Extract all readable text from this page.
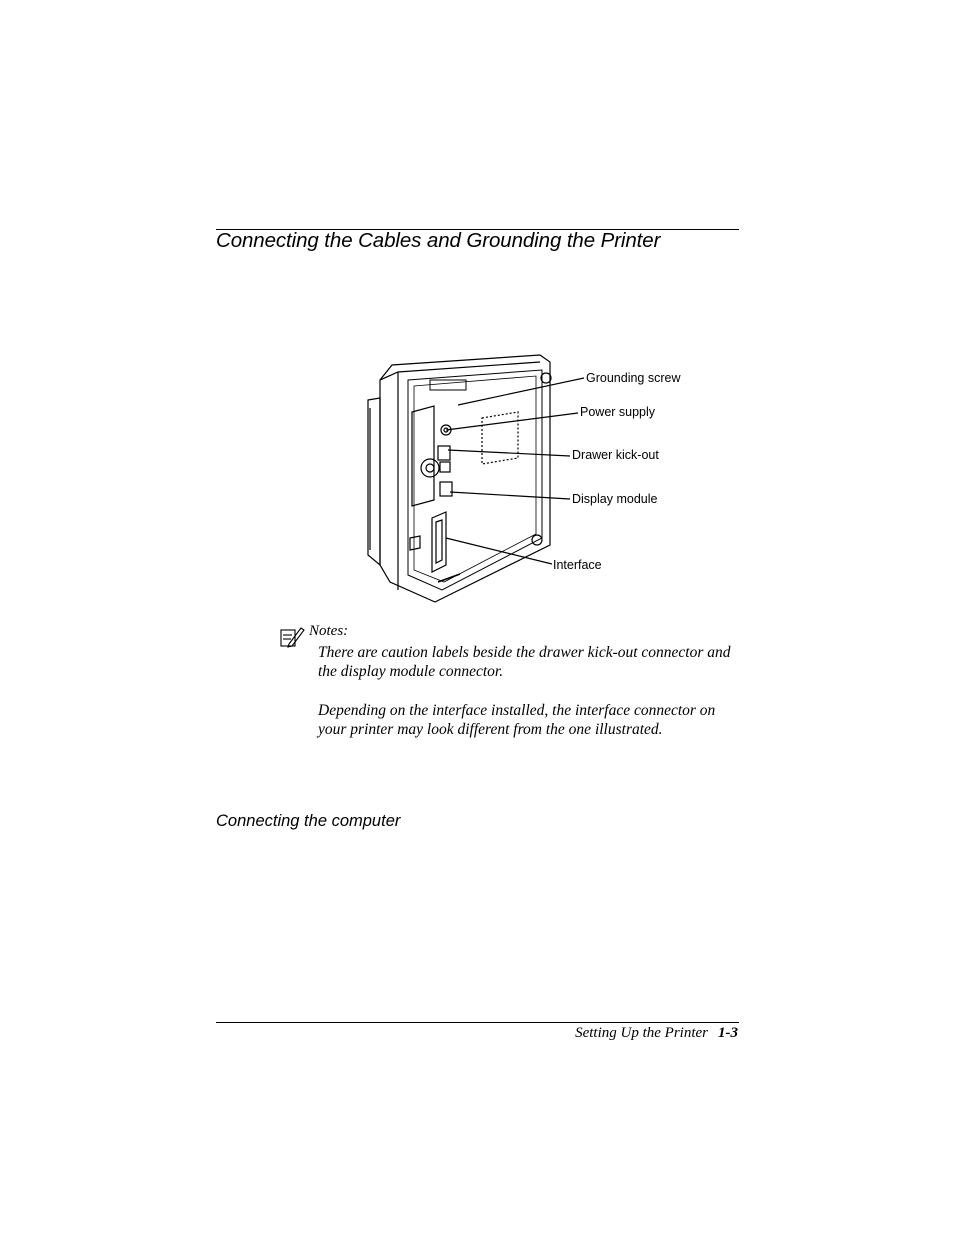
Connecting the Cables and Grounding the Printer
Grounding screw
Power supply
Drawer kick-out
Display module
Interface
Notes:

There are caution labels beside the drawer kick-out connector and the display module connector.

Depending on the interface installed, the interface connector on your printer may look different from the one illustrated.

Connecting the computer
Setting Up the Printer 1-3
